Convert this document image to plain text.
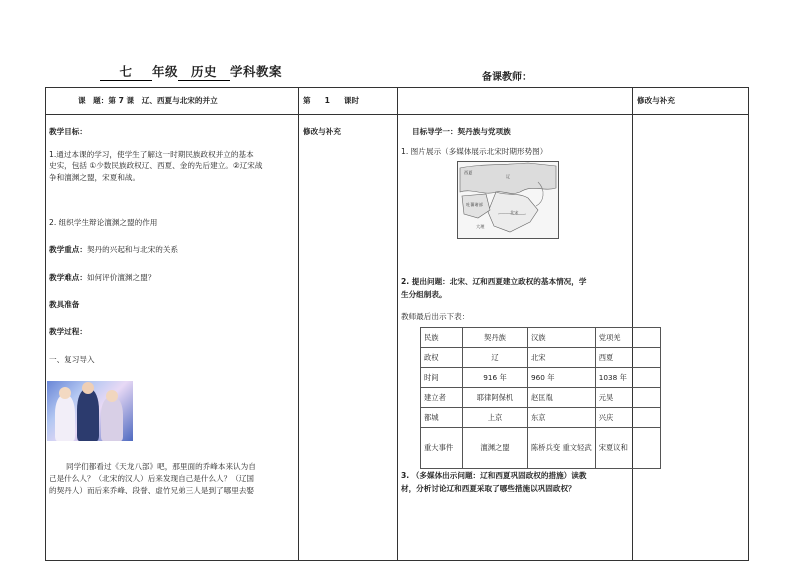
七 年级 历史 学科教案	备课教师：
课　题：第 7 课　辽、西夏与北宋的并立	第 1 课时	修改与补充
教学目标：
1.通过本课的学习，使学生了解这一时期民族政权并立的基本
史实，包括 ①少数民族政权辽、西夏、金的先后建立。②辽宋战
争和澶渊之盟，宋夏和战。
2. 组织学生辩论澶渊之盟的作用
教学重点：契丹的兴起和与北宋的关系
教学难点：如何评价澶渊之盟？
教具准备
教学过程：
一、复习导入
同学们都看过《天龙八部》吧，那里面的乔峰本来认为自
己是什么人？（北宋的汉人）后来发现自己是什么人？（辽国
的契丹人）而后来乔峰、段誉、虚竹兄弟三人是到了哪里去娶
修改与补充	目标导学一：契丹族与党项族
1. 图片展示（多媒体展示北宋时期形势图）
西夏
辽
北宋
吐蕃诸部
大理
2. 提出问题：北宋、辽和西夏建立政权的基本情况，学
生分组制表。
教师最后出示下表：
民族	契丹族	汉族	党项羌
政权	辽	北宋	西夏
时间	916 年	960 年	1038 年
建立者	耶律阿保机	赵匡胤	元昊
都城	上京	东京	兴庆
重大事件	澶渊之盟	陈桥兵变 重文轻武	宋夏议和
3. （多媒体出示问题：辽和西夏巩固政权的措施）读教
材，分析讨论辽和西夏采取了哪些措施以巩固政权？
